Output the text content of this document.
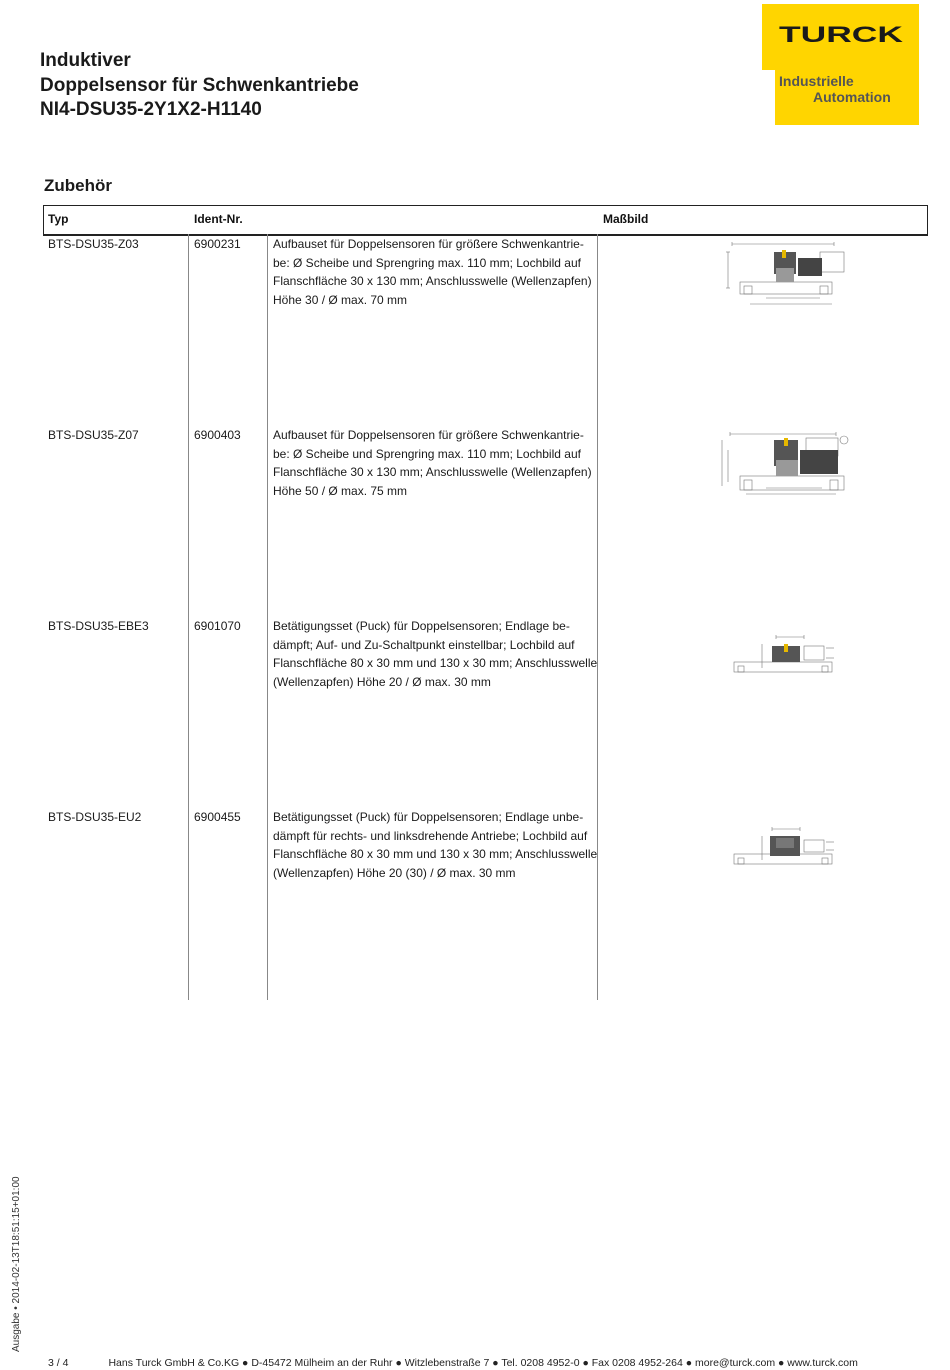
Induktiver
Doppelsensor für Schwenkantriebe
NI4-DSU35-2Y1X2-H1140
TURCK
Industrielle
Automation
Zubehör
Typ	Ident-Nr.	Maßbild
BTS-DSU35-Z03	6900231	Aufbauset für Doppelsensoren für größere Schwenkantrie-
be: Ø Scheibe und Sprengring max. 110 mm; Lochbild auf
Flanschfläche 30 x 130 mm; Anschlusswelle (Wellenzapfen)
Höhe 30 / Ø max. 70 mm
BTS-DSU35-Z07	6900403	Aufbauset für Doppelsensoren für größere Schwenkantrie-
be: Ø Scheibe und Sprengring max. 110 mm; Lochbild auf
Flanschfläche 30 x 130 mm; Anschlusswelle (Wellenzapfen)
Höhe 50 / Ø max. 75 mm
BTS-DSU35-EBE3	6901070	Betätigungsset (Puck) für Doppelsensoren; Endlage be-
dämpft; Auf- und Zu-Schaltpunkt einstellbar; Lochbild auf
Flanschfläche 80 x 30 mm und 130 x 30 mm; Anschlusswelle
(Wellenzapfen) Höhe 20 / Ø max. 30 mm
BTS-DSU35-EU2	6900455	Betätigungsset (Puck) für Doppelsensoren; Endlage unbe-
dämpft für rechts- und linksdrehende Antriebe; Lochbild auf
Flanschfläche 80 x 30 mm und 130 x 30 mm; Anschlusswelle
(Wellenzapfen) Höhe 20 (30) / Ø max. 30 mm
Ausgabe • 2014-02-13T18:51:15+01:00
3 / 4	Hans Turck GmbH & Co.KG ● D-45472 Mülheim an der Ruhr ● Witzlebenstraße 7 ● Tel. 0208 4952-0 ● Fax 0208 4952-264 ● more@turck.com ● www.turck.com
